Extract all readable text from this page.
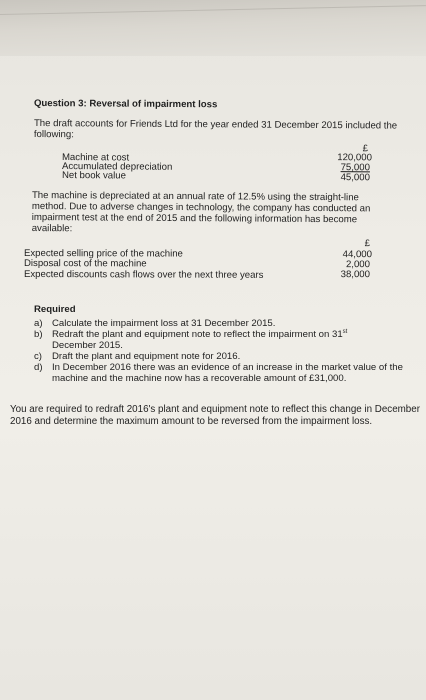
Question 3: Reversal of impairment loss
The draft accounts for Friends Ltd for the year ended 31 December 2015 included the following:
£
Machine at cost	120,000
Accumulated depreciation	75,000
Net book value	45,000
The machine is depreciated at an annual rate of 12.5% using the straight-line method. Due to adverse changes in technology, the company has conducted an impairment test at the end of 2015 and the following information has become available:
£
Expected selling price of the machine	44,000
Disposal cost of the machine	2,000
Expected discounts cash flows over the next three years	38,000
Required
a) Calculate the impairment loss at 31 December 2015.
b) Redraft the plant and equipment note to reflect the impairment on 31st
December 2015.
c) Draft the plant and equipment note for 2016.
d) In December 2016 there was an evidence of an increase in the market value of the machine and the machine now has a recoverable amount of £31,000.
You are required to redraft 2016's plant and equipment note to reflect this change in December 2016 and determine the maximum amount to be reversed from the impairment loss.
